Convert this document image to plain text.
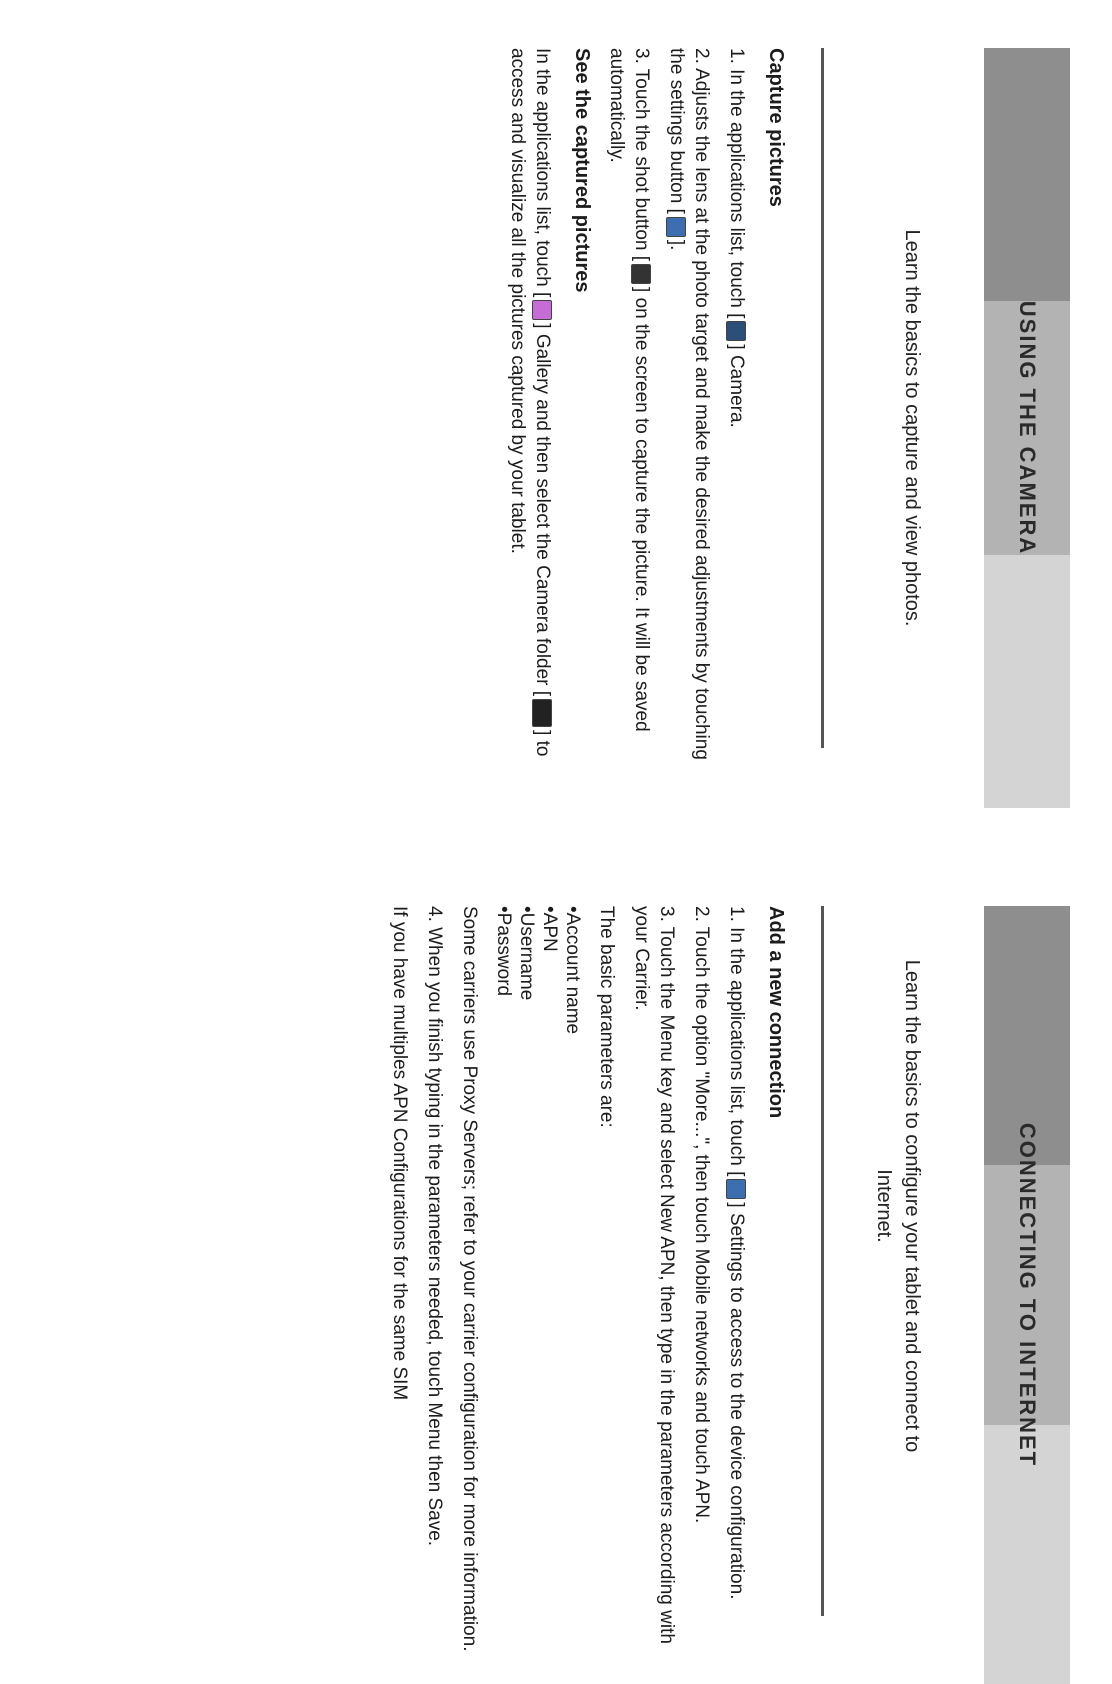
USING THE CAMERA
Learn the basics to capture and view photos.
Capture pictures

1. In the applications list, touch [] Camera.

2. Adjusts the lens at the photo target and make the desired adjustments by touching the settings button [].

3. Touch the shot button [] on the screen to capture the picture. It will be saved automatically.

See the captured pictures

In the applications list, touch [] Gallery and then select the Camera folder [] to access and visualize all the pictures captured by your tablet.

CONNECTING TO INTERNET
Learn the basics to configure your tablet and connect to Internet.
Add a new connection

1. In the applications list, touch [] Settings to access to the device configuration.

2. Touch the option "More...", then touch Mobile networks and touch APN.

3. Touch the Menu key and select New APN, then type in the parameters according with your Carrier.

The basic parameters are:

•Account name
•APN
•Username
•Password

Some carriers use Proxy Servers; refer to your carrier configuration for more information.

4. When you finish typing in the parameters needed, touch Menu then Save.

If you have multiples APN Configurations for the same SIM
